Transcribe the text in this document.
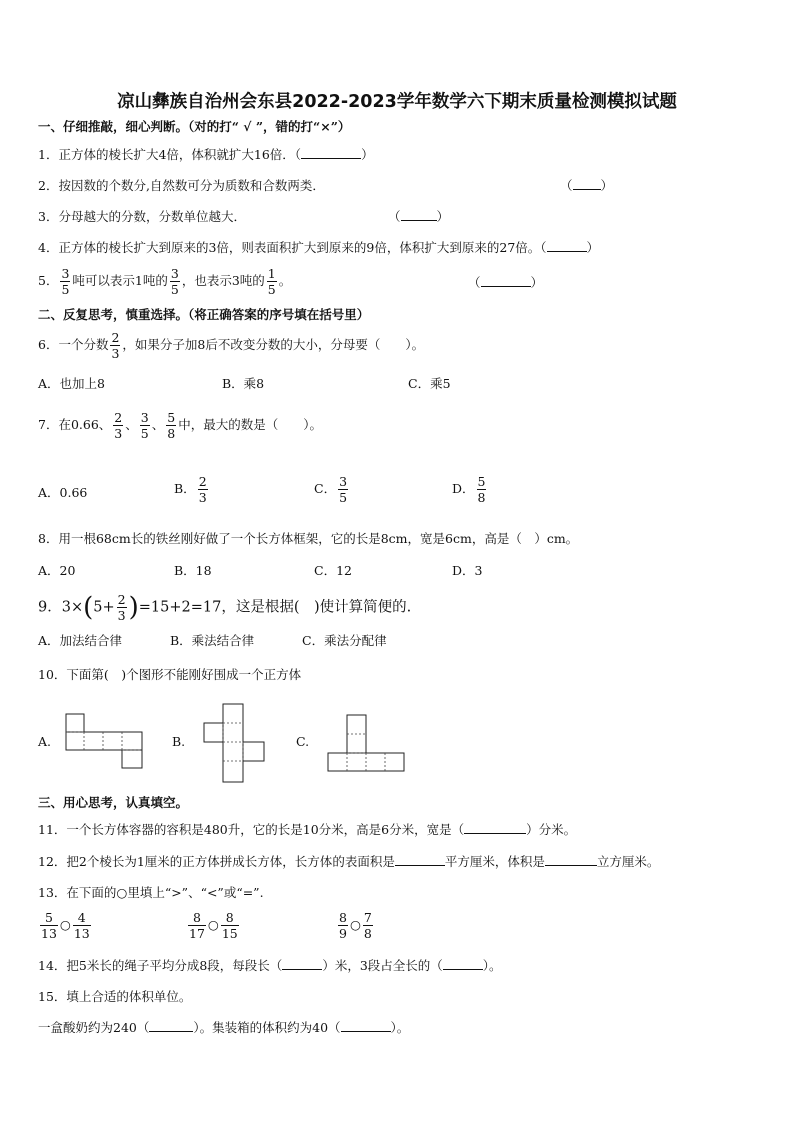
凉山彝族自治州会东县2022-2023学年数学六下期末质量检测模拟试题
一、仔细推敲，细心判断。（对的打“ √ ”，错的打“×”）
1．正方体的棱长扩大4倍，体积就扩大16倍．（	）
2．按因数的个数分,自然数可分为质数和合数两类．	（ ）
3．分母越大的分数，分数单位越大．	（	）
4．正方体的棱长扩大到原来的3倍，则表面积扩大到原来的9倍，体积扩大到原来的27倍。（	）
5． $\frac{3}{5}$ 吨可以表示1吨的 $\frac{3}{5}$ ，也表示3吨的 $\frac{1}{5}$ 。	（	）
二、反复思考，慎重选择。（将正确答案的序号填在括号里）
6．一个分数 $\frac{2}{3}$ ，如果分子加8后不改变分数的大小，分母要（　　）。
A．也加上8	B．乘8	C．乘5
7．在0.66、 $\frac{2}{3}$ 、 $\frac{3}{5}$ 、 $\frac{5}{8}$ 中，最大的数是（　　）。
A．0.66	B． $\frac{2}{3}$	C． $\frac{3}{5}$	D． $\frac{5}{8}$
8．用一根68cm长的铁丝刚好做了一个长方体框架，它的长是8cm，宽是6cm，高是（　）cm。
A．20	B．18	C．12	D．3
9．$3\times(5+ \frac{2}{3} )=15+2=17$，这是根据(　)使计算简便的.
A．加法结合律	B．乘法结合律	C．乘法分配律
10．下面第(　)个图形不能刚好围成一个正方体
A.	B.	C.
三、用心思考，认真填空。
11．一个长方体容器的容积是480升，它的长是10分米，高是6分米，宽是（	）分米。
12．把2个棱长为1厘米的正方体拼成长方体，长方体的表面积是	平方厘米，体积是	立方厘米。
13．在下面的○里填上“>”、“<”或“=”.
$\frac{5}{13}$ ○ $\frac{4}{13}$	$\frac{8}{17}$ ○ $\frac{8}{15}$	$\frac{8}{9}$ ○ $\frac{7}{8}$
14．把5米长的绳子平均分成8段，每段长（	）米，3段占全长的（	）。
15．填上合适的体积单位。
一盒酸奶约为240（	）。集装箱的体积约为40（	）。
